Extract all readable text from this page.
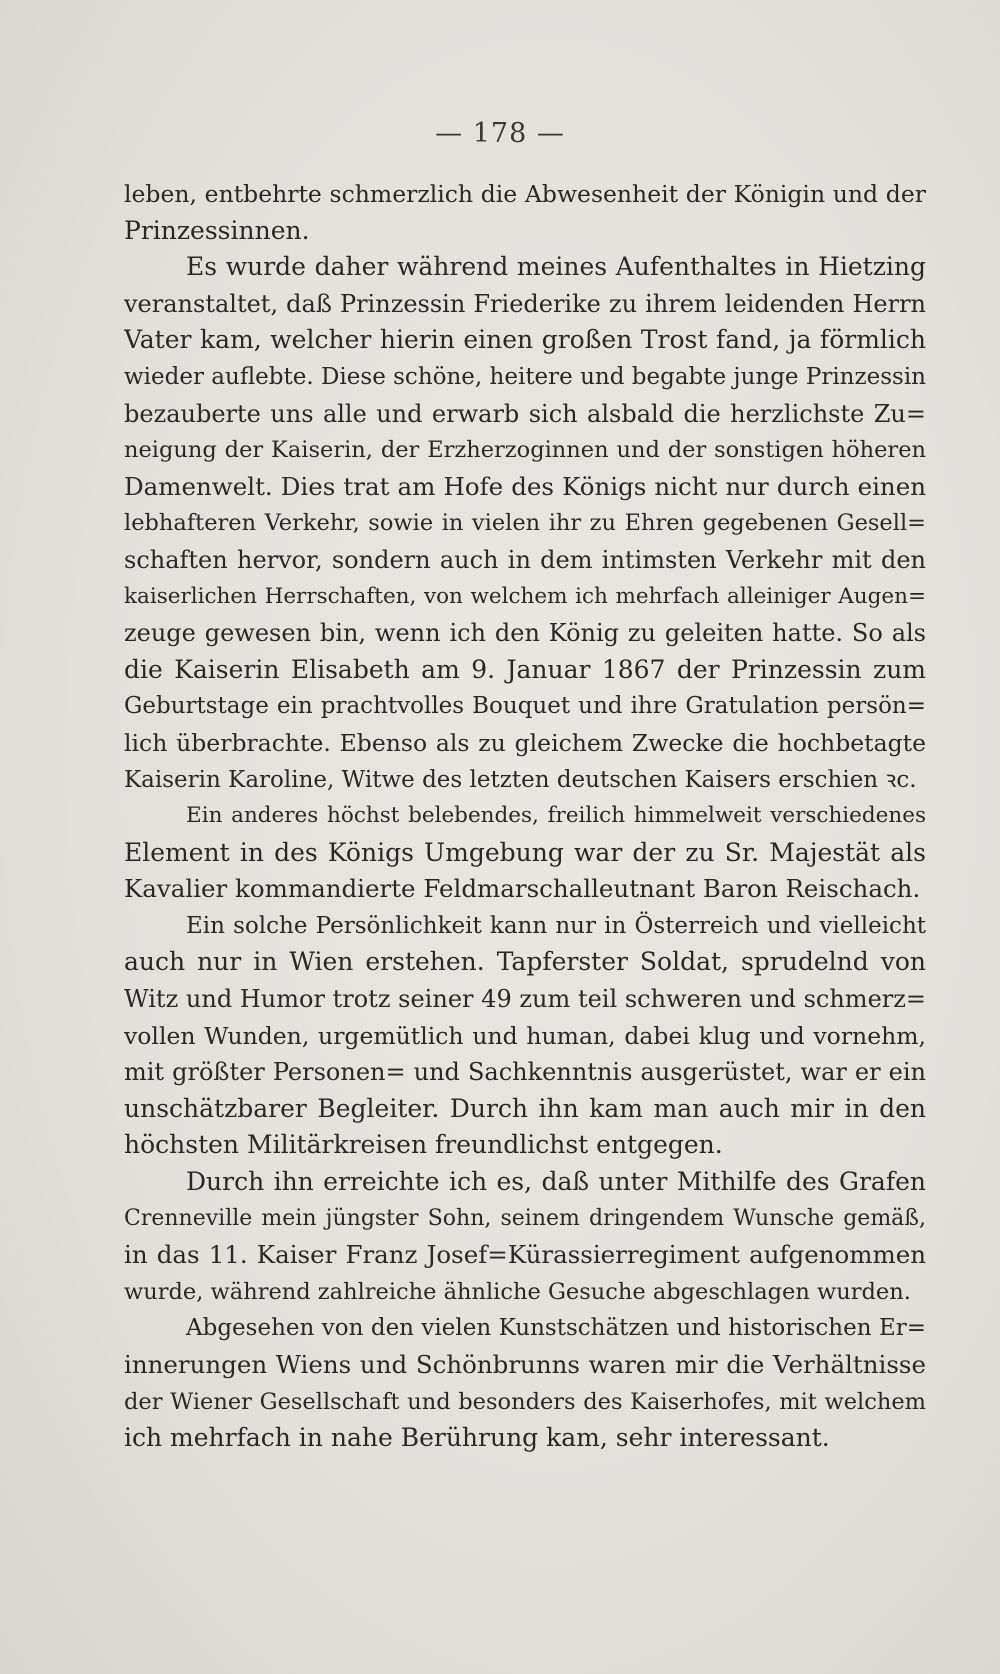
— 178 —
leben, entbehrte schmerzlich die Abwesenheit der Königin und der
Prinzessinnen.
Es wurde daher während meines Aufenthaltes in Hietzing
veranstaltet, daß Prinzessin Friederike zu ihrem leidenden Herrn
Vater kam, welcher hierin einen großen Trost fand, ja förmlich
wieder auflebte. Diese schöne, heitere und begabte junge Prinzessin
bezauberte uns alle und erwarb sich alsbald die herzlichste Zu=
neigung der Kaiserin, der Erzherzoginnen und der sonstigen höheren
Damenwelt. Dies trat am Hofe des Königs nicht nur durch einen
lebhafteren Verkehr, sowie in vielen ihr zu Ehren gegebenen Gesell=
schaften hervor, sondern auch in dem intimsten Verkehr mit den
kaiserlichen Herrschaften, von welchem ich mehrfach alleiniger Augen=
zeuge gewesen bin, wenn ich den König zu geleiten hatte. So als
die Kaiserin Elisabeth am 9. Januar 1867 der Prinzessin zum
Geburtstage ein prachtvolles Bouquet und ihre Gratulation persön=
lich überbrachte. Ebenso als zu gleichem Zwecke die hochbetagte
Kaiserin Karoline, Witwe des letzten deutschen Kaisers erschien ꝛc.
Ein anderes höchst belebendes, freilich himmelweit verschiedenes
Element in des Königs Umgebung war der zu Sr. Majestät als
Kavalier kommandierte Feldmarschalleutnant Baron Reischach.
Ein solche Persönlichkeit kann nur in Österreich und vielleicht
auch nur in Wien erstehen. Tapferster Soldat, sprudelnd von
Witz und Humor trotz seiner 49 zum teil schweren und schmerz=
vollen Wunden, urgemütlich und human, dabei klug und vornehm,
mit größter Personen= und Sachkenntnis ausgerüstet, war er ein
unschätzbarer Begleiter. Durch ihn kam man auch mir in den
höchsten Militärkreisen freundlichst entgegen.
Durch ihn erreichte ich es, daß unter Mithilfe des Grafen
Crenneville mein jüngster Sohn, seinem dringendem Wunsche gemäß,
in das 11. Kaiser Franz Josef=Kürassierregiment aufgenommen
wurde, während zahlreiche ähnliche Gesuche abgeschlagen wurden.
Abgesehen von den vielen Kunstschätzen und historischen Er=
innerungen Wiens und Schönbrunns waren mir die Verhältnisse
der Wiener Gesellschaft und besonders des Kaiserhofes, mit welchem
ich mehrfach in nahe Berührung kam, sehr interessant.
